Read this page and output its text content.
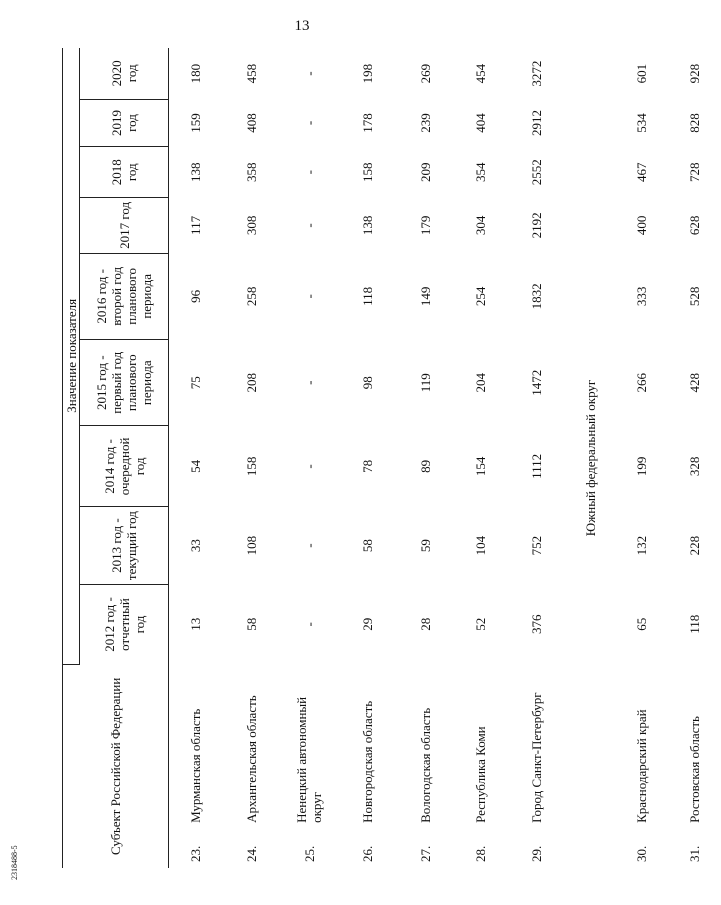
13
2318488-5
Субъект Российской Федерации		Значение показателя								
		2012 год - отчетный год	2013 год - текущий год	2014 год - очередной год	2015 год - первый год планового периода	2016 год - второй год планового периода	2017 год	2018 год	2019 год	2020 год
23.	Мурманская область	13	33	54	75	96	117	138	159	180
24.	Архангельская область	58	108	158	208	258	308	358	408	458
25.	Ненецкий автономный округ	-	-	-	-	-	-	-	-	-
26.	Новгородская область	29	58	78	98	118	138	158	178	198
27.	Вологодская область	28	59	89	119	149	179	209	239	269
28.	Республика Коми	52	104	154	204	254	304	354	404	454
29.	Город Санкт-Петербург	376	752	1112	1472	1832	2192	2552	2912	3272
Южный федеральный округ										
30.	Краснодарский край	65	132	199	266	333	400	467	534	601
31.	Ростовская область	118	228	328	428	528	628	728	828	928
